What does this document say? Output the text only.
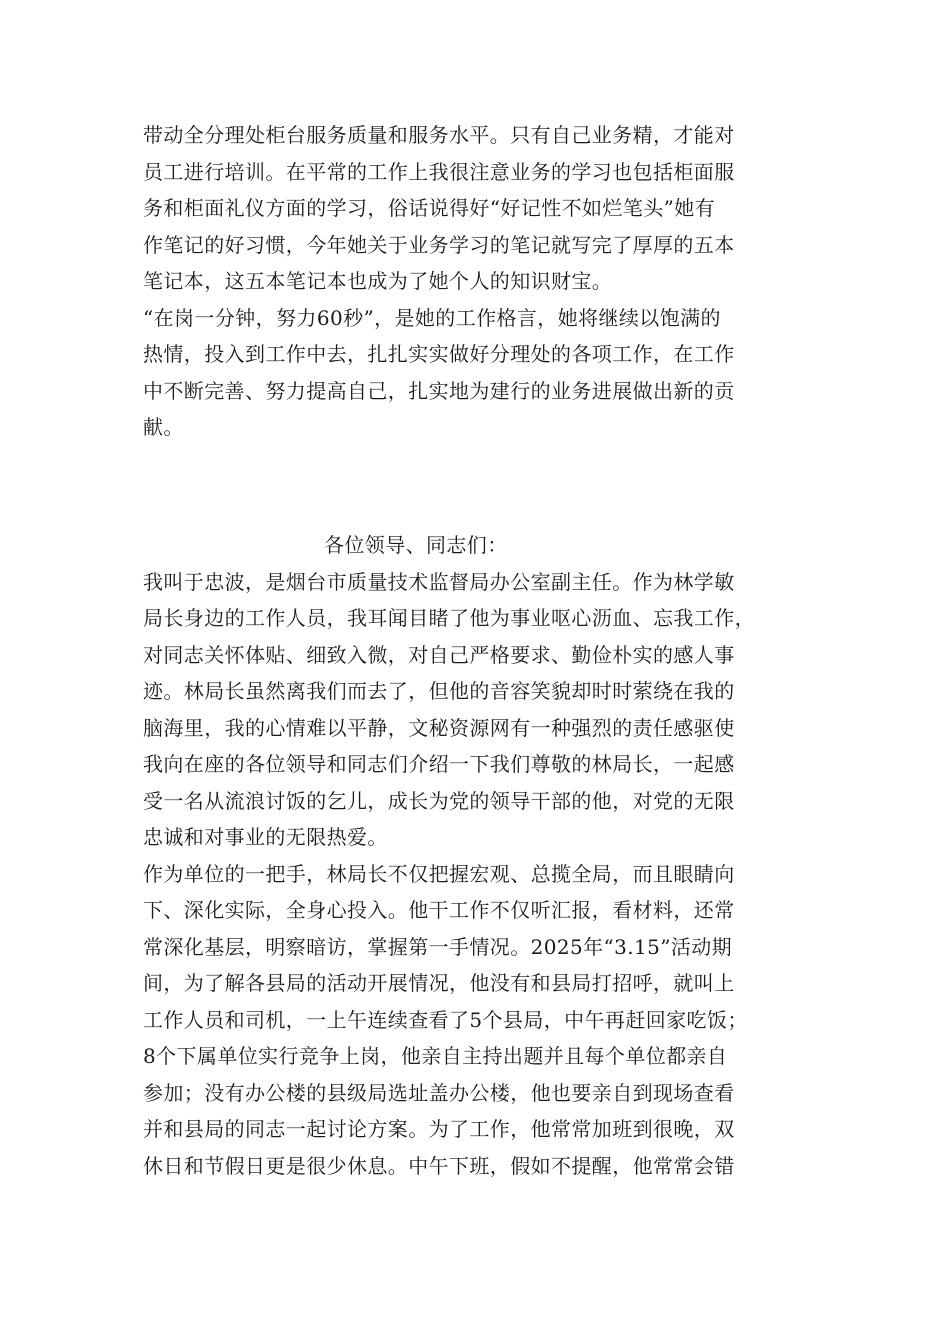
带动全分理处柜台服务质量和服务水平。只有自己业务精，才能对
员工进行培训。在平常的工作上我很注意业务的学习也包括柜面服
务和柜面礼仪方面的学习，俗话说得好“好记性不如烂笔头”她有
作笔记的好习惯，今年她关于业务学习的笔记就写完了厚厚的五本
笔记本，这五本笔记本也成为了她个人的知识财宝。
“在岗一分钟，努力60秒”，是她的工作格言，她将继续以饱满的
热情，投入到工作中去，扎扎实实做好分理处的各项工作，在工作
中不断完善、努力提高自己，扎实地为建行的业务进展做出新的贡
献。
各位领导、同志们：
我叫于忠波，是烟台市质量技术监督局办公室副主任。作为林学敏
局长身边的工作人员，我耳闻目睹了他为事业呕心沥血、忘我工作，
对同志关怀体贴、细致入微，对自己严格要求、勤俭朴实的感人事
迹。林局长虽然离我们而去了，但他的音容笑貌却时时萦绕在我的
脑海里，我的心情难以平静，文秘资源网有一种强烈的责任感驱使
我向在座的各位领导和同志们介绍一下我们尊敬的林局长，一起感
受一名从流浪讨饭的乞儿，成长为党的领导干部的他，对党的无限
忠诚和对事业的无限热爱。
作为单位的一把手，林局长不仅把握宏观、总揽全局，而且眼睛向
下、深化实际，全身心投入。他干工作不仅听汇报，看材料，还常
常深化基层，明察暗访，掌握第一手情况。2025年“3.15”活动期
间，为了解各县局的活动开展情况，他没有和县局打招呼，就叫上
工作人员和司机，一上午连续查看了5个县局，中午再赶回家吃饭；
8个下属单位实行竞争上岗，他亲自主持出题并且每个单位都亲自
参加；没有办公楼的县级局选址盖办公楼，他也要亲自到现场查看
并和县局的同志一起讨论方案。为了工作，他常常加班到很晚，双
休日和节假日更是很少休息。中午下班，假如不提醒，他常常会错
